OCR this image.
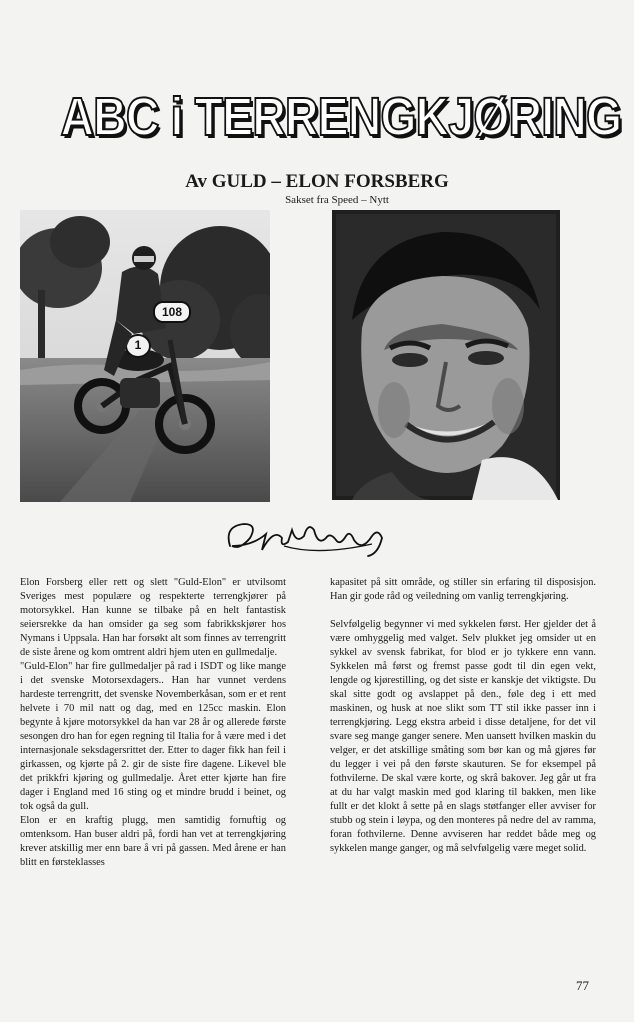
ABC i TERRENGKJØRING
Av GULD – ELON FORSBERG
Sakset fra Speed – Nytt
108
1

Elon Forsberg eller rett og slett "Guld-Elon" er utvilsomt Sveriges mest populære og respekterte terrengkjører på motorsykkel. Han kunne se tilbake på en helt fantastisk seiersrekke da han omsider ga seg som fabrikkskjører hos Nymans i Uppsala. Han har forsøkt alt som finnes av terrengritt de siste årene og kom omtrent aldri hjem uten en gullmedalje.

"Guld-Elon" har fire gullmedaljer på rad i ISDT og like mange i det svenske Motorsexdagers.. Han har vunnet verdens hardeste terrengritt, det svenske Novemberkåsan, som er et rent helvete i 70 mil natt og dag, med en 125cc maskin. Elon begynte å kjøre motorsykkel da han var 28 år og allerede første sesongen dro han for egen regning til Italia for å være med i det internasjonale seksdagersrittet der. Etter to dager fikk han feil i girkassen, og kjørte på 2. gir de siste fire dagene. Likevel ble det prikkfri kjøring og gullmedalje. Året etter kjørte han fire dager i England med 16 sting og et mindre brudd i beinet, og tok også da gull.

Elon er en kraftig plugg, men samtidig fornuftig og omtenksom. Han buser aldri på, fordi han vet at terrengkjøring krever atskillig mer enn bare å vri på gassen. Med årene er han blitt en førsteklasses

kapasitet på sitt område, og stiller sin erfaring til disposisjon. Han gir gode råd og veiledning om vanlig terrengkjøring.

Selvfølgelig begynner vi med sykkelen først. Her gjelder det å være omhyggelig med valget. Selv plukket jeg omsider ut en sykkel av svensk fabrikat, for blod er jo tykkere enn vann. Sykkelen må først og fremst passe godt til din egen vekt, lengde og kjørestilling, og det siste er kanskje det viktigste. Du skal sitte godt og avslappet på den., føle deg i ett med maskinen, og husk at noe slikt som TT stil ikke passer inn i terrengkjøring. Legg ekstra arbeid i disse detaljene, for det vil svare seg mange ganger senere. Men uansett hvilken maskin du velger, er det atskillige småting som bør kan og må gjøres før du legger i vei på den første skauturen. Se for eksempel på fothvilerne. De skal være korte, og skrå bakover. Jeg går ut fra at du har valgt maskin med god klaring til bakken, men like fullt er det klokt å sette på en slags støtfanger eller avviser for stubb og stein i løypa, og den monteres på nedre del av ramma, foran fothvilerne. Denne avviseren har reddet både meg og sykkelen mange ganger, og må selvfølgelig være meget solid.

77
